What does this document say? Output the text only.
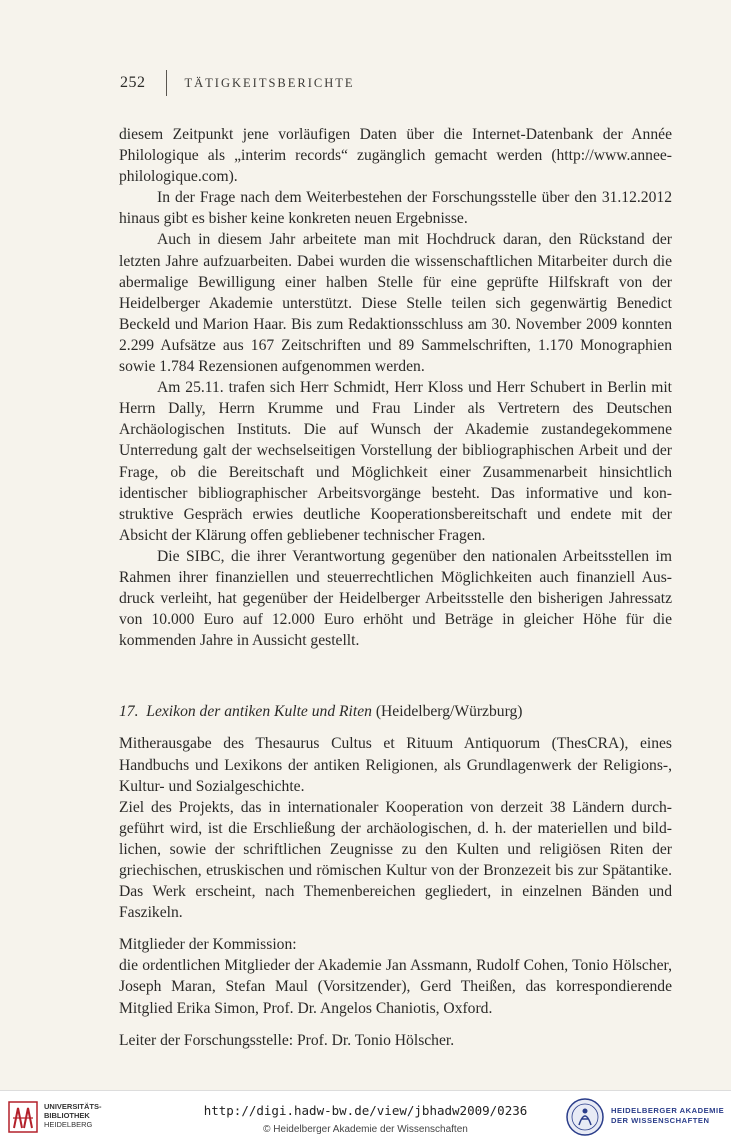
252	TÄTIGKEITSBERICHTE

diesem Zeitpunkt jene vorläufigen Daten über die Internet-Datenbank der Année Philologique als „interim records“ zugänglich gemacht werden (http://www.annee-philologique.com).

In der Frage nach dem Weiterbestehen der Forschungsstelle über den 31.12.2012 hinaus gibt es bisher keine konkreten neuen Ergebnisse.

Auch in diesem Jahr arbeitete man mit Hochdruck daran, den Rückstand der letzten Jahre aufzuarbeiten. Dabei wurden die wissenschaftlichen Mitarbeiter durch die abermalige Bewilligung einer halben Stelle für eine geprüfte Hilfskraft von der Heidelberger Akademie unterstützt. Diese Stelle teilen sich gegenwärtig Benedict Beckeld und Marion Haar. Bis zum Redaktionsschluss am 30. November 2009 konnten 2.299 Aufsätze aus 167 Zeitschriften und 89 Sammelschriften, 1.170 Monographien sowie 1.784 Rezensionen aufgenommen werden.

Am 25.11. trafen sich Herr Schmidt, Herr Kloss und Herr Schubert in Berlin mit Herrn Dally, Herrn Krumme und Frau Linder als Vertretern des Deutschen Archäologischen Instituts. Die auf Wunsch der Akademie zustandegekommene Unterredung galt der wechselseitigen Vorstellung der bibliographischen Arbeit und der Frage, ob die Bereitschaft und Möglichkeit einer Zusammenarbeit hinsichtlich identischer bibliographischer Arbeitsvorgänge besteht. Das informative und konstruktive Gespräch erwies deutliche Kooperationsbereitschaft und endete mit der Absicht der Klärung offen gebliebener technischer Fragen.

Die SIBC, die ihrer Verantwortung gegenüber den nationalen Arbeitsstellen im Rahmen ihrer finanziellen und steuerrechtlichen Möglichkeiten auch finanziell Ausdruck verleiht, hat gegenüber der Heidelberger Arbeitsstelle den bisherigen Jahressatz von 10.000 Euro auf 12.000 Euro erhöht und Beträge in gleicher Höhe für die kommenden Jahre in Aussicht gestellt.

17. Lexikon der antiken Kulte und Riten (Heidelberg/Würzburg)

Mitherausgabe des Thesaurus Cultus et Rituum Antiquorum (ThesCRA), eines Handbuchs und Lexikons der antiken Religionen, als Grundlagenwerk der Religions-, Kultur- und Sozialgeschichte.

Ziel des Projekts, das in internationaler Kooperation von derzeit 38 Ländern durchgeführt wird, ist die Erschließung der archäologischen, d. h. der materiellen und bildlichen, sowie der schriftlichen Zeugnisse zu den Kulten und religiösen Riten der griechischen, etruskischen und römischen Kultur von der Bronzezeit bis zur Spätantike. Das Werk erscheint, nach Themenbereichen gegliedert, in einzelnen Bänden und Faszikeln.

Mitglieder der Kommission:

die ordentlichen Mitglieder der Akademie Jan Assmann, Rudolf Cohen, Tonio Hölscher, Joseph Maran, Stefan Maul (Vorsitzender), Gerd Theißen, das korrespondierende Mitglied Erika Simon, Prof. Dr. Angelos Chaniotis, Oxford.

Leiter der Forschungsstelle: Prof. Dr. Tonio Hölscher.

UNIVERSITÄTS-
BIBLIOTHEK
HEIDELBERG
http://digi.hadw-bw.de/view/jbhadw2009/0236
© Heidelberger Akademie der Wissenschaften
HEIDELBERGER AKADEMIE
DER WISSENSCHAFTEN
